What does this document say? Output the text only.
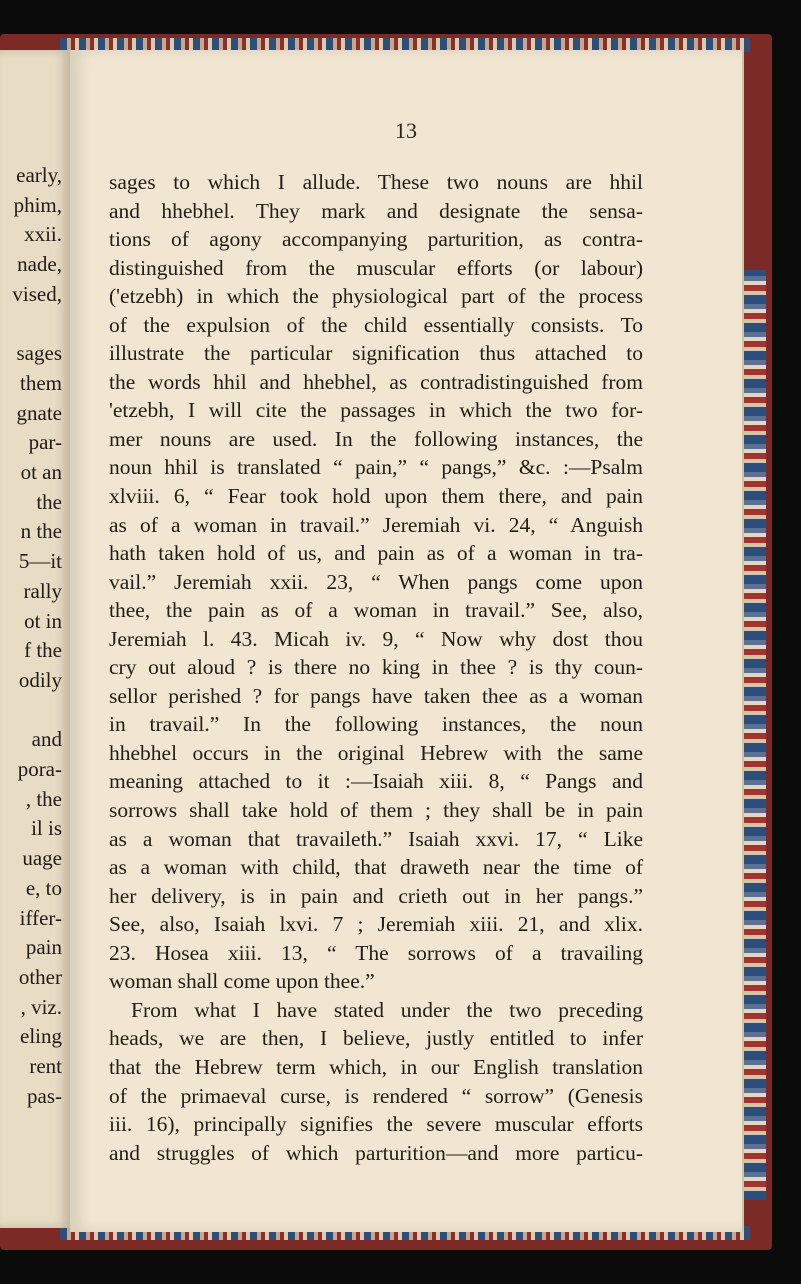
early,
phim,
xxii.
nade,
vised,
sages
them
gnate
par-
ot an
the
n the
5—it
rally
ot in
f the
odily
and
pora-
, the
il is
uage
e, to
iffer-
pain
other
, viz.
eling
rent
pas-
13
sages to which I allude. These two nouns are hhil
and hhebhel. They mark and designate the sensa-
tions of agony accompanying parturition, as contra-
distinguished from the muscular efforts (or labour)
('etzebh) in which the physiological part of the process
of the expulsion of the child essentially consists. To
illustrate the particular signification thus attached to
the words hhil and hhebhel, as contradistinguished from
'etzebh, I will cite the passages in which the two for-
mer nouns are used. In the following instances, the
noun hhil is translated “ pain,” “ pangs,” &c. :—Psalm
xlviii. 6, “ Fear took hold upon them there, and pain
as of a woman in travail.” Jeremiah vi. 24, “ Anguish
hath taken hold of us, and pain as of a woman in tra-
vail.” Jeremiah xxii. 23, “ When pangs come upon
thee, the pain as of a woman in travail.” See, also,
Jeremiah l. 43. Micah iv. 9, “ Now why dost thou
cry out aloud ? is there no king in thee ? is thy coun-
sellor perished ? for pangs have taken thee as a woman
in travail.” In the following instances, the noun
hhebhel occurs in the original Hebrew with the same
meaning attached to it :—Isaiah xiii. 8, “ Pangs and
sorrows shall take hold of them ; they shall be in pain
as a woman that travaileth.” Isaiah xxvi. 17, “ Like
as a woman with child, that draweth near the time of
her delivery, is in pain and crieth out in her pangs.”
See, also, Isaiah lxvi. 7 ; Jeremiah xiii. 21, and xlix.
23. Hosea xiii. 13, “ The sorrows of a travailing
woman shall come upon thee.”
From what I have stated under the two preceding
heads, we are then, I believe, justly entitled to infer
that the Hebrew term which, in our English translation
of the primaeval curse, is rendered “ sorrow” (Genesis
iii. 16), principally signifies the severe muscular efforts
and struggles of which parturition—and more particu-
